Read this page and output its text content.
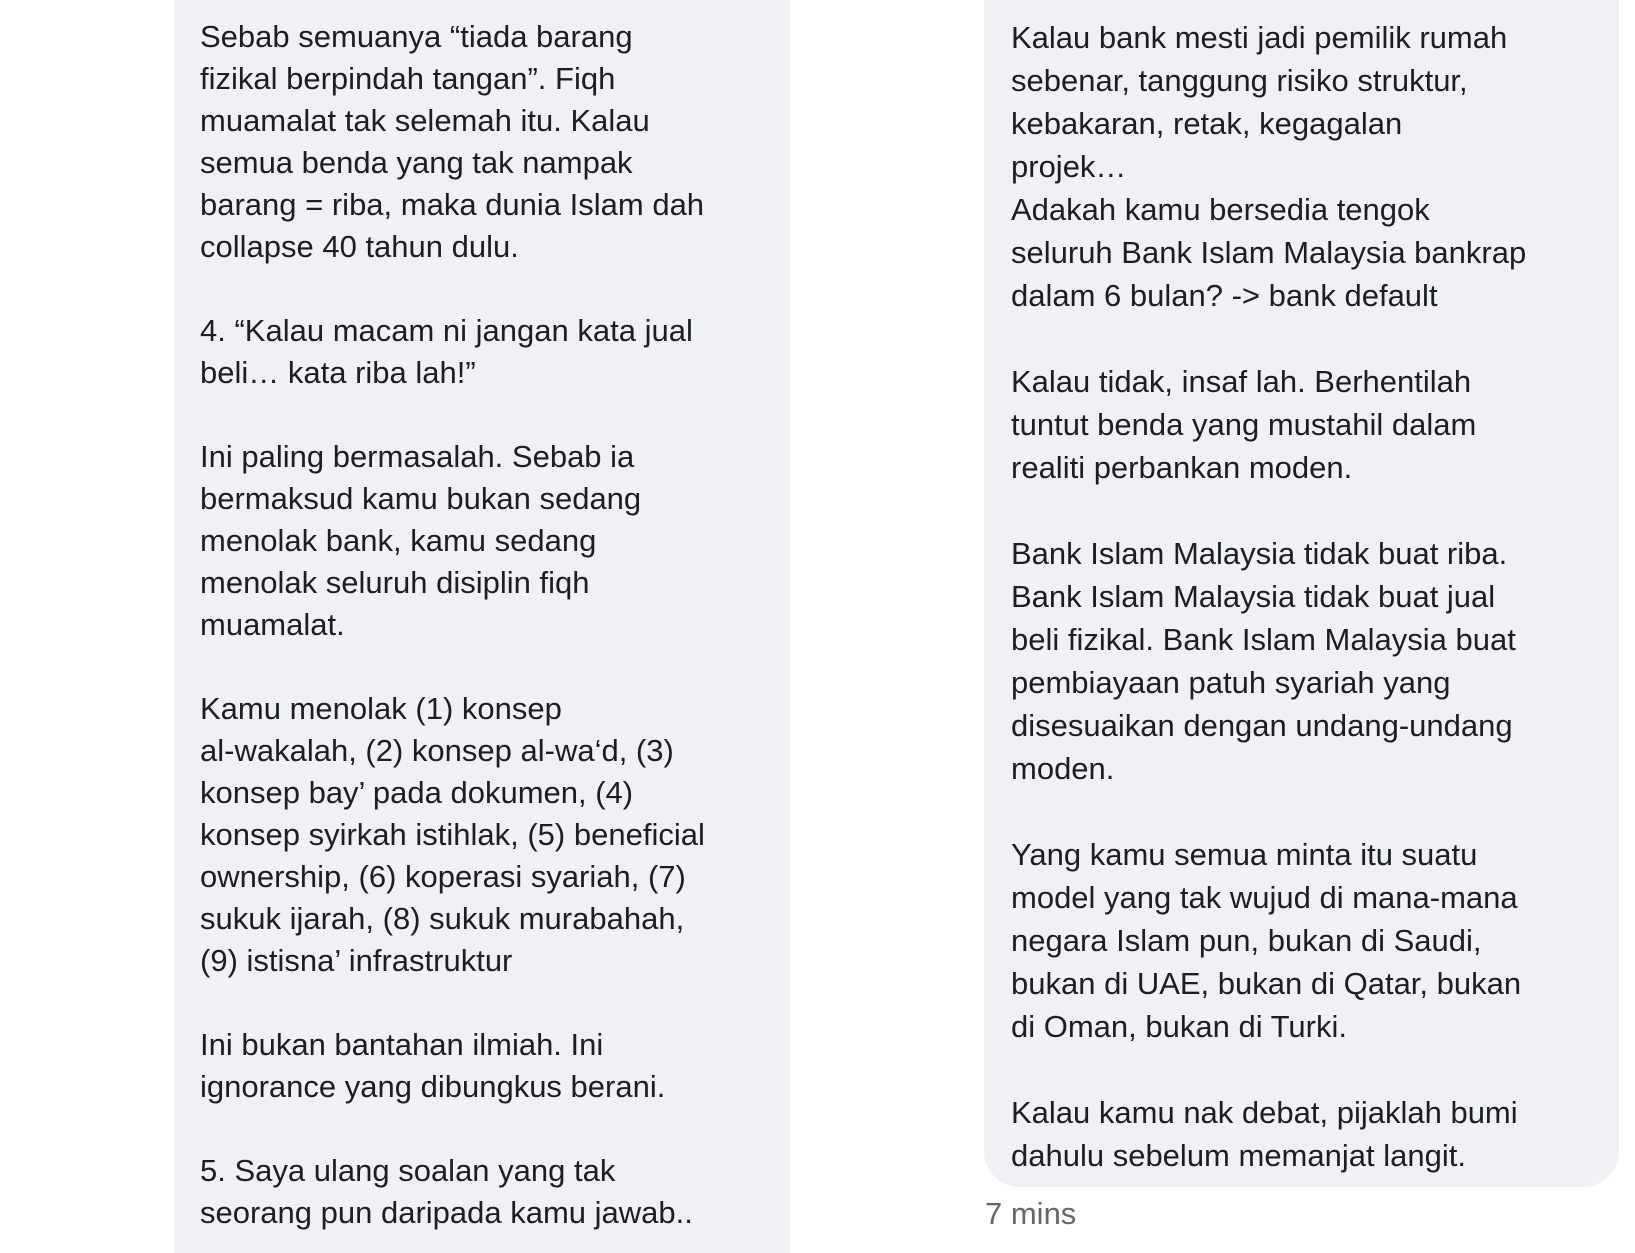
Sebab semuanya “tiada barang
fizikal berpindah tangan”. Fiqh
muamalat tak selemah itu. Kalau
semua benda yang tak nampak
barang = riba, maka dunia Islam dah
collapse 40 tahun dulu.

4. “Kalau macam ni jangan kata jual
beli… kata riba lah!”

Ini paling bermasalah. Sebab ia
bermaksud kamu bukan sedang
menolak bank, kamu sedang
menolak seluruh disiplin fiqh
muamalat.

Kamu menolak (1) konsep
al-wakalah, (2) konsep al-wa‘d, (3)
konsep bay’ pada dokumen, (4)
konsep syirkah istihlak, (5) beneficial
ownership, (6) koperasi syariah, (7)
sukuk ijarah, (8) sukuk murabahah,
(9) istisna’ infrastruktur

Ini bukan bantahan ilmiah. Ini
ignorance yang dibungkus berani.

5. Saya ulang soalan yang tak
seorang pun daripada kamu jawab..

Kalau bank mesti jadi pemilik rumah
sebenar, tanggung risiko struktur,
kebakaran, retak, kegagalan
projek…
Adakah kamu bersedia tengok
seluruh Bank Islam Malaysia bankrap
dalam 6 bulan? -> bank default

Kalau tidak, insaf lah. Berhentilah
tuntut benda yang mustahil dalam
realiti perbankan moden.

Bank Islam Malaysia tidak buat riba.
Bank Islam Malaysia tidak buat jual
beli fizikal. Bank Islam Malaysia buat
pembiayaan patuh syariah yang
disesuaikan dengan undang-undang
moden.

Yang kamu semua minta itu suatu
model yang tak wujud di mana-mana
negara Islam pun, bukan di Saudi,
bukan di UAE, bukan di Qatar, bukan
di Oman, bukan di Turki.

Kalau kamu nak debat, pijaklah bumi
dahulu sebelum memanjat langit.

7 mins
